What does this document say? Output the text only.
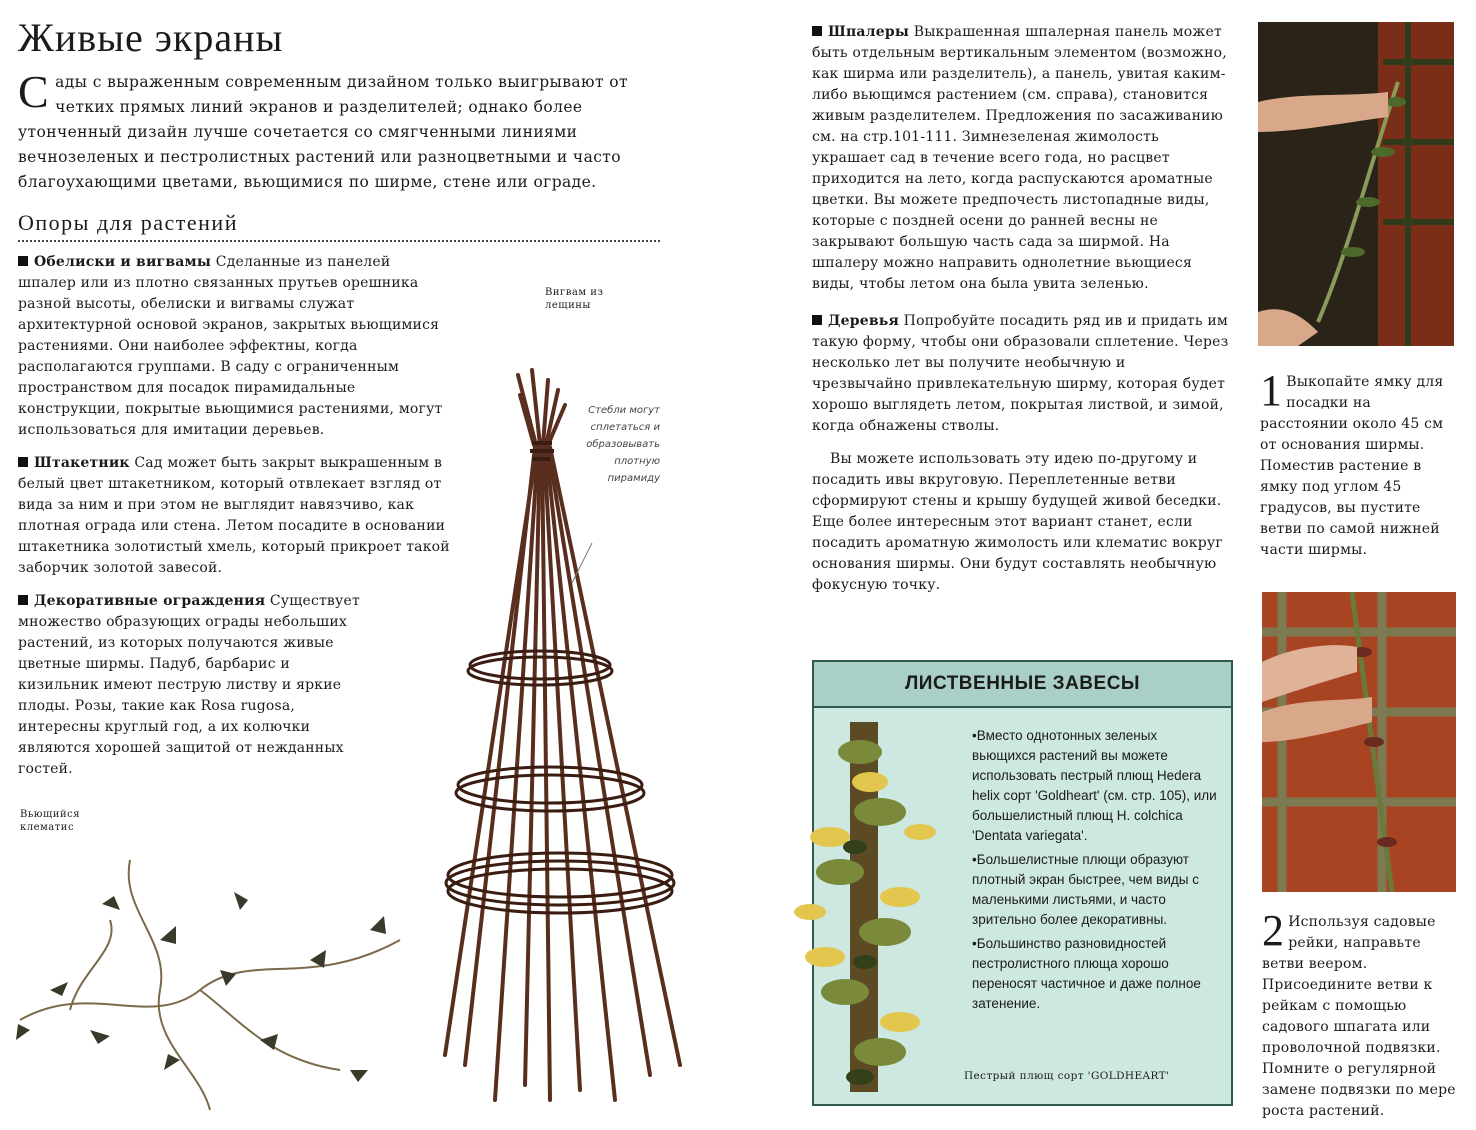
Живые экраны
Сады с выраженным современным дизайном только выигрывают от четких прямых линий экранов и разделителей; однако более утонченный дизайн лучше сочетается со смягченными линиями вечнозеленых и пестролистных растений или разноцветными и часто благоухающими цветами, вьющимися по ширме, стене или ограде.
Опоры для растений

Обелиски и вигвамы Сделанные из панелей шпалер или из плотно связанных прутьев орешника разной высоты, обелиски и вигвамы служат архитектурной основой экранов, закрытых вьющимися растениями. Они наиболее эффектны, когда располагаются группами. В саду с ограниченным пространством для посадок пирамидальные конструкции, покрытые вьющимися растениями, могут использоваться для имитации деревьев.

Штакетник Сад может быть закрыт выкрашенным в белый цвет штакетником, который отвлекает взгляд от вида за ним и при этом не выглядит навязчиво, как плотная ограда или стена. Летом посадите в основании штакетника золотистый хмель, который прикроет такой заборчик золотой завесой.

Декоративные ограждения Существует множество образующих ограды небольших растений, из которых получаются живые цветные ширмы. Падуб, барбарис и кизильник имеют пеструю листву и яркие плоды. Розы, такие как Rosa rugosa, интересны круглый год, а их колючки являются хорошей защитой от нежданных гостей.

Вигвам из лещины
Стебли могут сплетаться и образовывать плотную пирамиду
Вьющийся клематис

Шпалеры Выкрашенная шпалерная панель может быть отдельным вертикальным элементом (возможно, как ширма или разделитель), а панель, увитая каким-либо вьющимся растением (см. справа), становится живым разделителем. Предложения по засаживанию см. на стр.101-111. Зимнезеленая жимолость украшает сад в течение всего года, но расцвет приходится на лето, когда распускаются ароматные цветки. Вы можете предпочесть листопадные виды, которые с поздней осени до ранней весны не закрывают большую часть сада за ширмой. На шпалеру можно направить однолетние вьющиеся виды, чтобы летом она была увита зеленью.

Деревья Попробуйте посадить ряд ив и придать им такую форму, чтобы они образовали сплетение. Через несколько лет вы получите необычную и чрезвычайно привлекательную ширму, которая будет хорошо выглядеть летом, покрытая листвой, и зимой, когда обнажены стволы.

Вы можете использовать эту идею по-другому и посадить ивы вкруговую. Переплетенные ветви сформируют стены и крышу будущей живой беседки. Еще более интересным этот вариант станет, если посадить ароматную жимолость или клематис вокруг основания ширмы. Они будут составлять необычную фокусную точку.

ЛИСТВЕННЫЕ ЗАВЕСЫ

•Вместо однотонных зеленых вьющихся растений вы можете использовать пестрый плющ Hedera helix сорт 'Goldheart' (см. стр. 105), или большелистный плющ H. colchica 'Dentata variegata'.

•Большелистные плющи образуют плотный экран быстрее, чем виды с маленькими листьями, и часто зрительно более декоративны.

•Большинство разновидностей пестролистного плюща хорошо переносят частичное и даже полное затенение.

Пестрый плющ сорт 'GOLDHEART'
1 Выкопайте ямку для посадки на расстоянии около 45 см от основания ширмы. Поместив растение в ямку под углом 45 градусов, вы пустите ветви по самой нижней части ширмы.
2 Используя садовые рейки, направьте ветви веером. Присоедините ветви к рейкам с помощью садового шпагата или проволочной подвязки. Помните о регулярной замене подвязки по мере роста растений.
